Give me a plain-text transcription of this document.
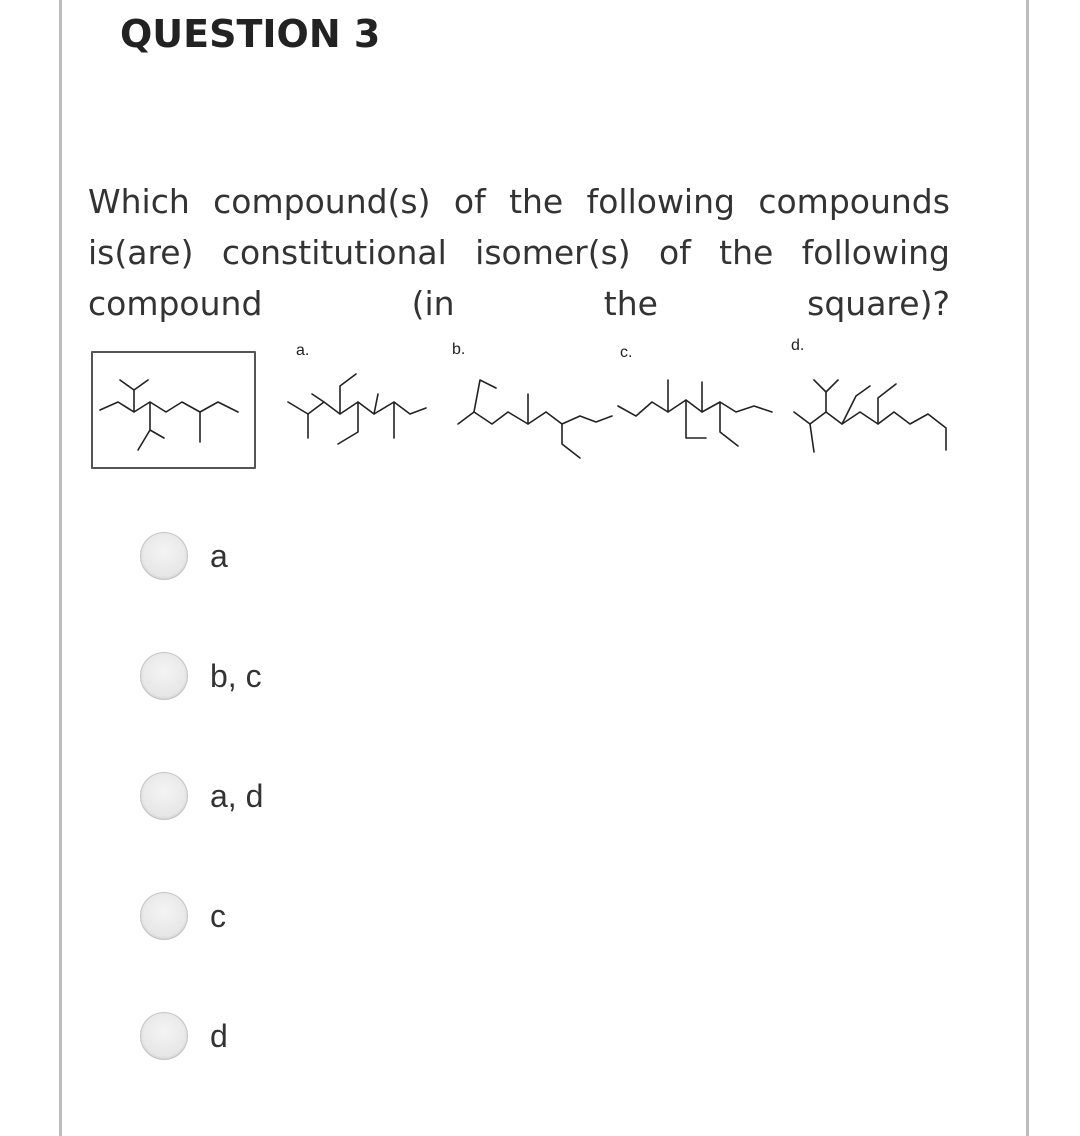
QUESTION 3
Which compound(s) of the following compounds
is(are) constitutional isomer(s) of the following
compound	(in	the	square)?
a.	b.	c.	d.
a
b, c
a, d
c
d
